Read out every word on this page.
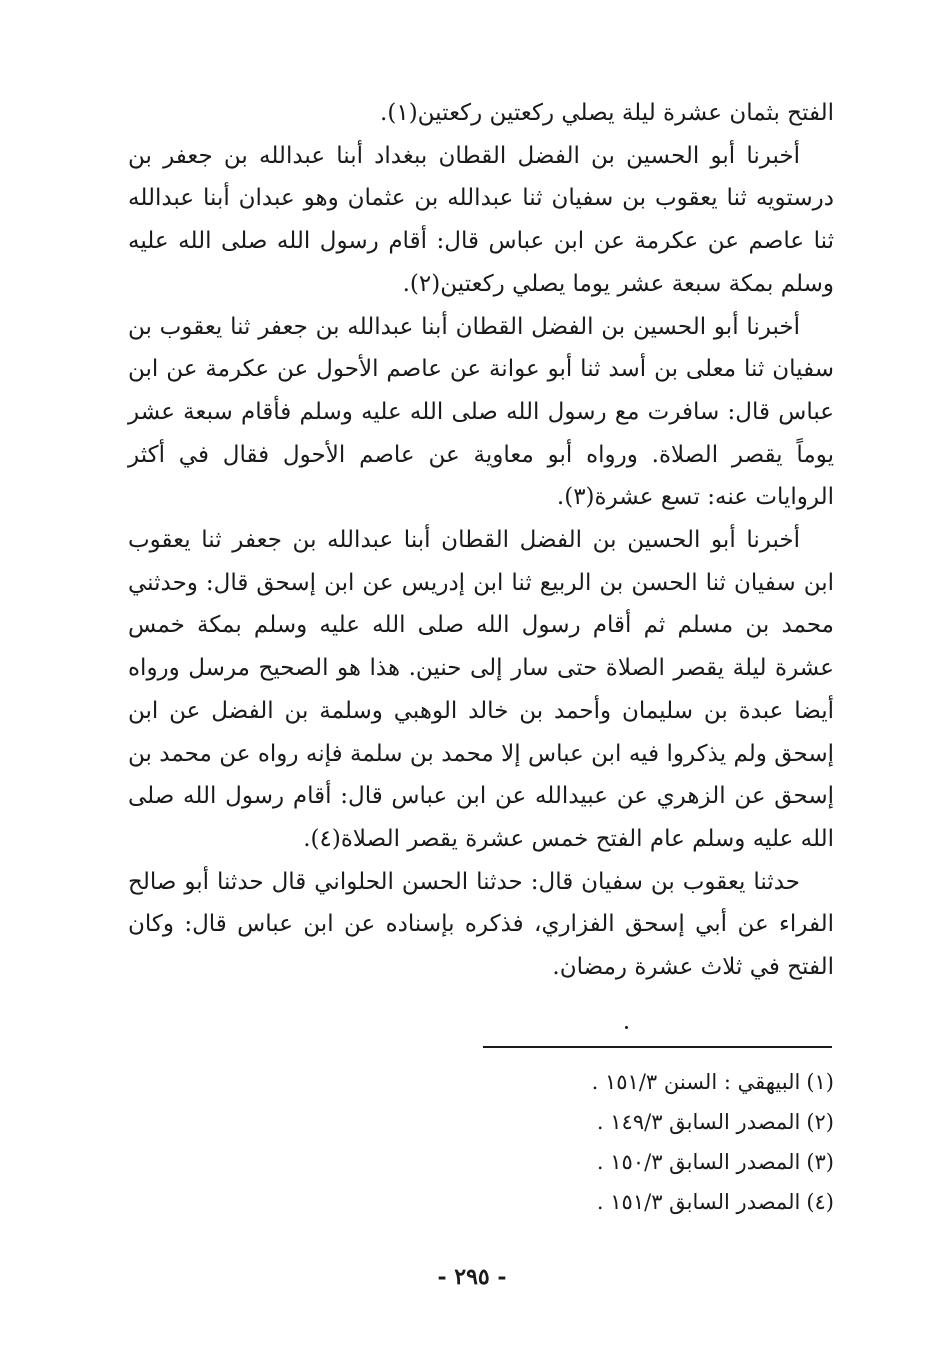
الفتح بثمان عشرة ليلة يصلي ركعتين ركعتين(١).

أخبرنا أبو الحسين بن الفضل القطان ببغداد أبنا عبدالله بن جعفر بن درستويه ثنا يعقوب بن سفيان ثنا عبدالله بن عثمان وهو عبدان أبنا عبدالله ثنا عاصم عن عكرمة عن ابن عباس قال: أقام رسول الله صلى الله عليه وسلم بمكة سبعة عشر يوما يصلي ركعتين(٢).

أخبرنا أبو الحسين بن الفضل القطان أبنا عبدالله بن جعفر ثنا يعقوب بن سفيان ثنا معلى بن أسد ثنا أبو عوانة عن عاصم الأحول عن عكرمة عن ابن عباس قال: سافرت مع رسول الله صلى الله عليه وسلم فأقام سبعة عشر يوماً يقصر الصلاة. ورواه أبو معاوية عن عاصم الأحول فقال في أكثر الروايات عنه: تسع عشرة(٣).

أخبرنا أبو الحسين بن الفضل القطان أبنا عبدالله بن جعفر ثنا يعقوب ابن سفيان ثنا الحسن بن الربيع ثنا ابن إدريس عن ابن إسحق قال: وحدثني محمد بن مسلم ثم أقام رسول الله صلى الله عليه وسلم بمكة خمس عشرة ليلة يقصر الصلاة حتى سار إلى حنين. هذا هو الصحيح مرسل ورواه أيضا عبدة بن سليمان وأحمد بن خالد الوهبي وسلمة بن الفضل عن ابن إسحق ولم يذكروا فيه ابن عباس إلا محمد بن سلمة فإنه رواه عن محمد بن إسحق عن الزهري عن عبيدالله عن ابن عباس قال: أقام رسول الله صلى الله عليه وسلم عام الفتح خمس عشرة يقصر الصلاة(٤).

حدثنا يعقوب بن سفيان قال: حدثنا الحسن الحلواني قال حدثنا أبو صالح الفراء عن أبي إسحق الفزاري، فذكره بإسناده عن ابن عباس قال: وكان الفتح في ثلاث عشرة رمضان.

(١)البيهقي : السنن ١٥١/٣ .

(٢)المصدر السابق ١٤٩/٣ .

(٣)المصدر السابق ١٥٠/٣ .

(٤)المصدر السابق ١٥١/٣ .

- ٢٩٥ -
